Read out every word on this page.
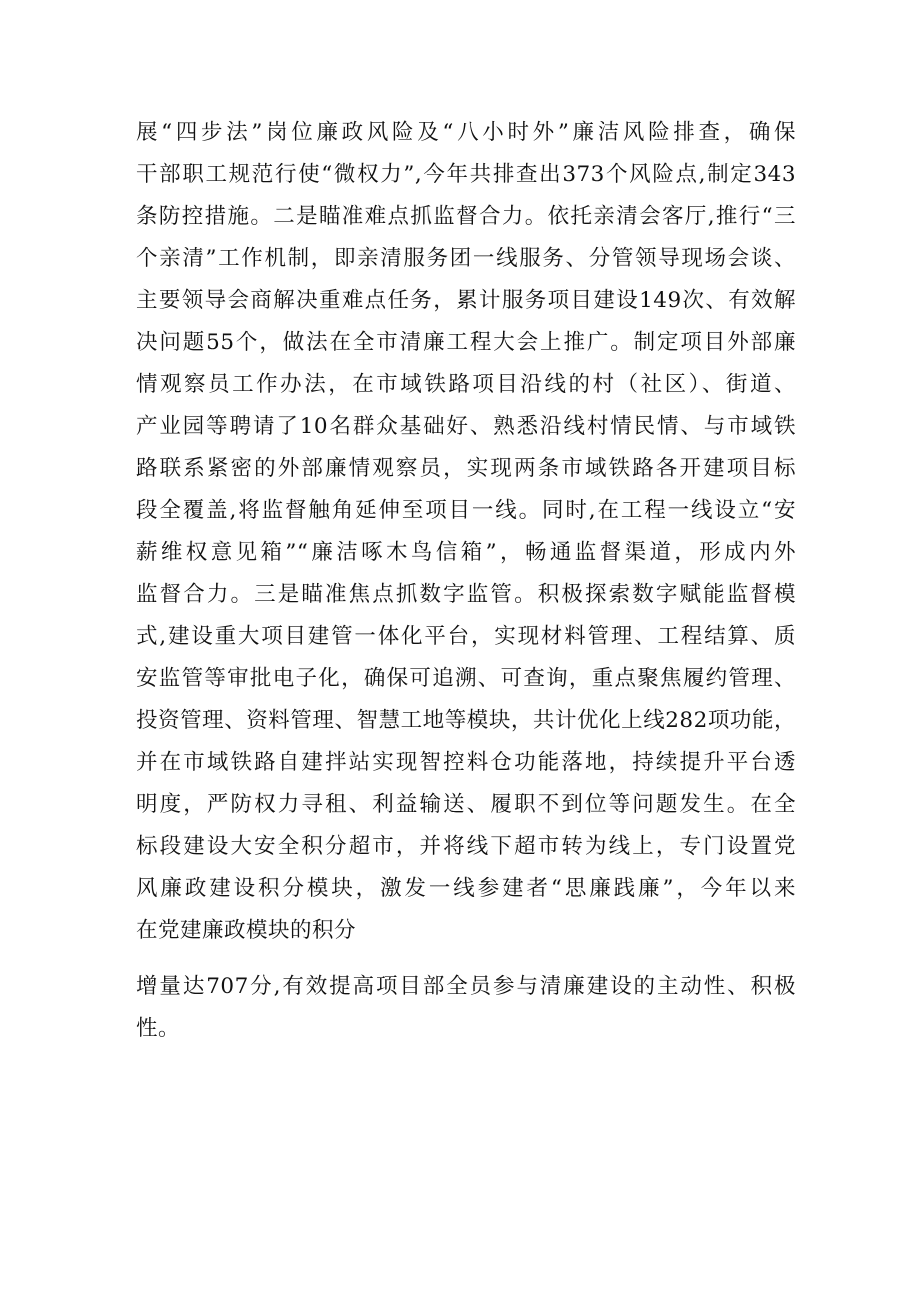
展“四步法”岗位廉政风险及“八小时外”廉洁风险排查，确保
干部职工规范行使“微权力”,今年共排查出373个风险点,制定343
条防控措施。二是瞄准难点抓监督合力。依托亲清会客厅,推行“三
个亲清”工作机制，即亲清服务团一线服务、分管领导现场会谈、
主要领导会商解决重难点任务，累计服务项目建设149次、有效解
决问题55个，做法在全市清廉工程大会上推广。制定项目外部廉
情观察员工作办法，在市域铁路项目沿线的村（社区）、街道、
产业园等聘请了10名群众基础好、熟悉沿线村情民情、与市域铁
路联系紧密的外部廉情观察员，实现两条市域铁路各开建项目标
段全覆盖,将监督触角延伸至项目一线。同时,在工程一线设立“安
薪维权意见箱”“廉洁啄木鸟信箱”，畅通监督渠道，形成内外
监督合力。三是瞄准焦点抓数字监管。积极探索数字赋能监督模
式,建设重大项目建管一体化平台，实现材料管理、工程结算、质
安监管等审批电子化，确保可追溯、可查询，重点聚焦履约管理、
投资管理、资料管理、智慧工地等模块，共计优化上线282项功能，
并在市域铁路自建拌站实现智控料仓功能落地，持续提升平台透
明度，严防权力寻租、利益输送、履职不到位等问题发生。在全
标段建设大安全积分超市，并将线下超市转为线上，专门设置党
风廉政建设积分模块，激发一线参建者“思廉践廉”，今年以来
在党建廉政模块的积分
增量达707分,有效提高项目部全员参与清廉建设的主动性、积极
性。
